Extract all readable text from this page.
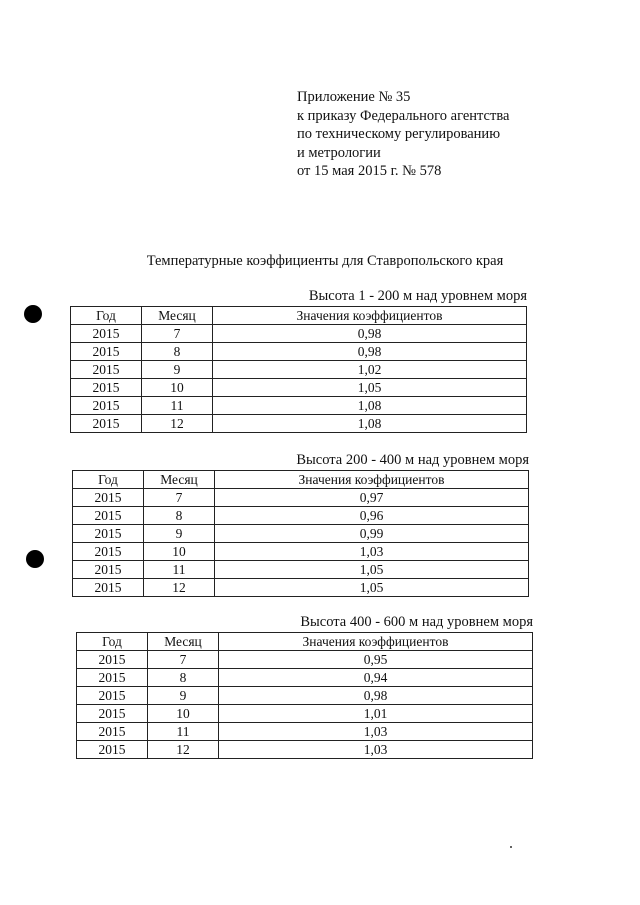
Приложение № 35
к приказу Федерального агентства
по техническому регулированию
и метрологии
от 15 мая 2015 г. № 578
Температурные коэффициенты для Ставропольского края
Высота 1 - 200 м над уровнем моря
Год	Месяц	Значения коэффициентов
2015	7	0,98
2015	8	0,98
2015	9	1,02
2015	10	1,05
2015	11	1,08
2015	12	1,08
Высота 200 - 400 м над уровнем моря
Год	Месяц	Значения коэффициентов
2015	7	0,97
2015	8	0,96
2015	9	0,99
2015	10	1,03
2015	11	1,05
2015	12	1,05
Высота 400 - 600 м над уровнем моря
Год	Месяц	Значения коэффициентов
2015	7	0,95
2015	8	0,94
2015	9	0,98
2015	10	1,01
2015	11	1,03
2015	12	1,03
